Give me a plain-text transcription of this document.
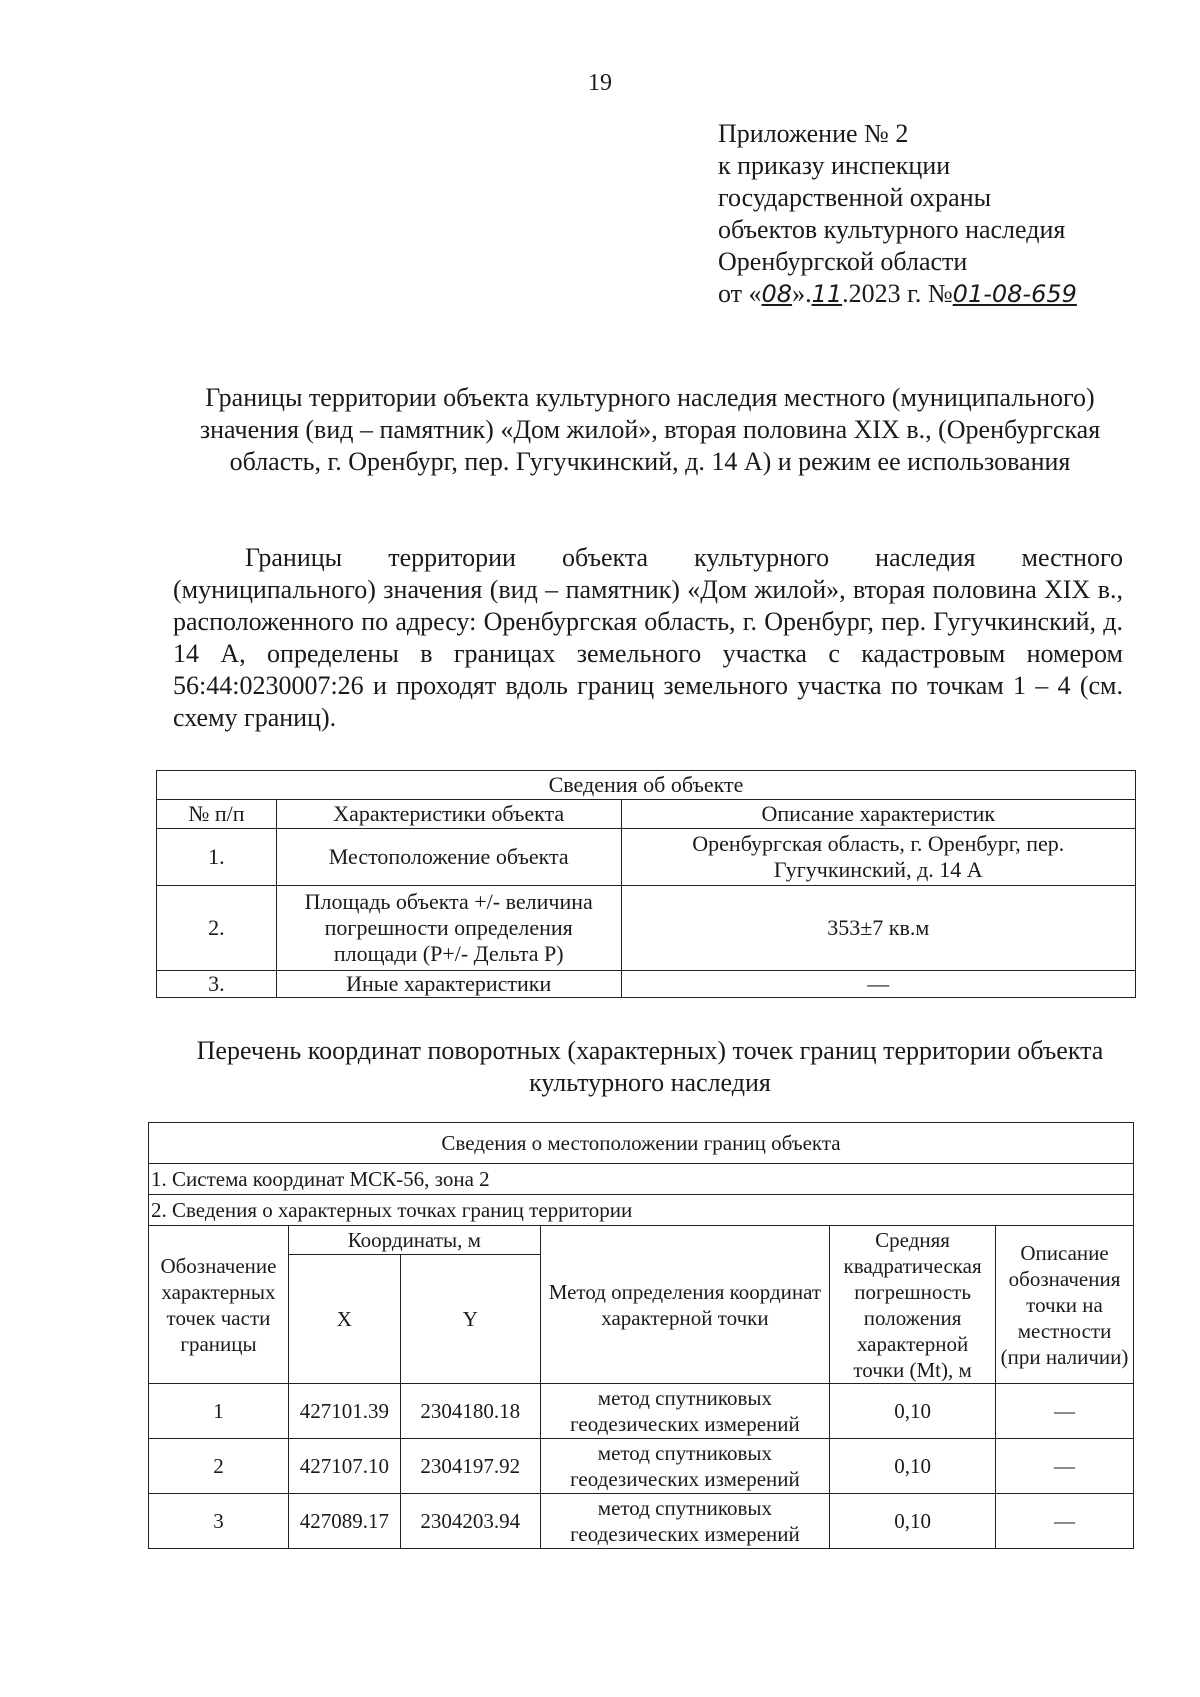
19
Приложение № 2
к приказу инспекции
государственной охраны
объектов культурного наследия
Оренбургской области
от «08».11.2023 г. №01-08-659
Границы территории объекта культурного наследия местного (муниципального) значения (вид – памятник) «Дом жилой», вторая половина XIX в., (Оренбургская область, г. Оренбург, пер. Гугучкинский, д. 14 А) и режим ее использования
Границы территории объекта культурного наследия местного (муниципального) значения (вид – памятник) «Дом жилой», вторая половина XIX в., расположенного по адресу: Оренбургская область, г. Оренбург, пер. Гугучкинский, д. 14 А, определены в границах земельного участка с кадастровым номером 56:44:0230007:26 и проходят вдоль границ земельного участка по точкам 1 – 4 (см. схему границ).
Сведения об объекте		
№ п/п	Характеристики объекта	Описание характеристик
1.	Местоположение объекта	Оренбургская область, г. Оренбург, пер. Гугучкинский, д. 14 А
2.	Площадь объекта +/- величина погрешности определения площади (P+/- Дельта P)	353±7 кв.м
3.	Иные характеристики	—
Перечень координат поворотных (характерных) точек границ территории объекта культурного наследия
Сведения о местоположении границ объекта					
1. Система координат МСК-56, зона 2					
2. Сведения о характерных точках границ территории					
Обозначение характерных точек части границы	Координаты, м		Метод определения координат характерной точки	Средняя квадратическая погрешность положения характерной точки (Mt), м	Описание обозначения точки на местности (при наличии)
	X	Y			
1	427101.39	2304180.18	метод спутниковых геодезических измерений	0,10	—
2	427107.10	2304197.92	метод спутниковых геодезических измерений	0,10	—
3	427089.17	2304203.94	метод спутниковых геодезических измерений	0,10	—
